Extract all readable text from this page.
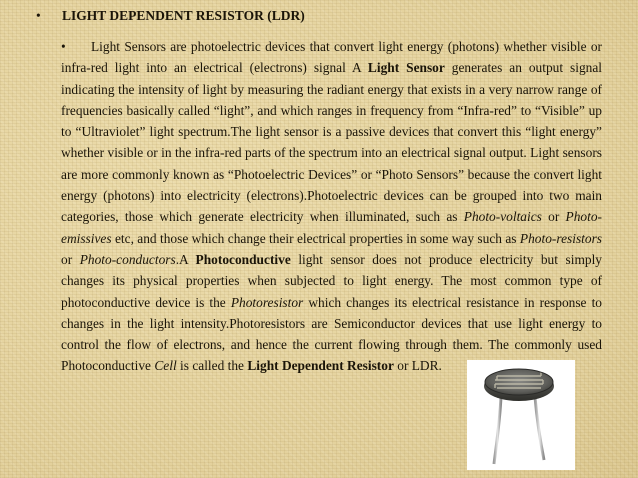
• LIGHT DEPENDENT RESISTOR (LDR)

• Light Sensors are photoelectric devices that convert light energy (photons) whether visible or infra-red light into an electrical (electrons) signal A Light Sensor generates an output signal indicating the intensity of light by measuring the radiant energy that exists in a very narrow range of frequencies basically called “light”, and which ranges in frequency from “Infra-red” to “Visible” up to “Ultraviolet” light spectrum.The light sensor is a passive devices that convert this “light energy” whether visible or in the infra-red parts of the spectrum into an electrical signal output. Light sensors are more commonly known as “Photoelectric Devices” or “Photo Sensors” because the convert light energy (photons) into electricity (electrons).Photoelectric devices can be grouped into two main categories, those which generate electricity when illuminated, such as Photo-voltaics or Photo-emissives etc, and those which change their electrical properties in some way such as Photo-resistors or Photo-conductors.A Photoconductive light sensor does not produce electricity but simply changes its physical properties when subjected to light energy. The most common type of photoconductive device is the Photoresistor which changes its electrical resistance in response to changes in the light intensity.Photoresistors are Semiconductor devices that use light energy to control the flow of electrons, and hence the current flowing through them. The commonly used Photoconductive Cell is called the Light Dependent Resistor or LDR.
